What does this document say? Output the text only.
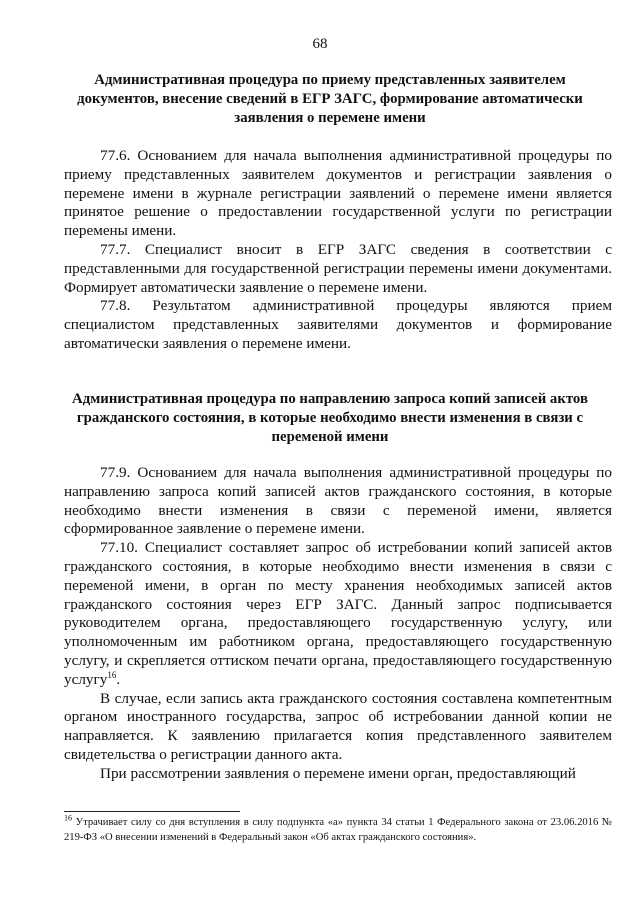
68
Административная процедура по приему представленных заявителем документов, внесение сведений в ЕГР ЗАГС, формирование автоматически заявления о перемене имени

77.6. Основанием для начала выполнения административной процедуры по приему представленных заявителем документов и регистрации заявления о перемене имени в журнале регистрации заявлений о перемене имени является принятое решение о предоставлении государственной услуги по регистрации перемены имени.

77.7. Специалист вносит в ЕГР ЗАГС сведения в соответствии с представленными для государственной регистрации перемены имени документами. Формирует автоматически заявление о перемене имени.

77.8. Результатом административной процедуры являются прием специалистом представленных заявителями документов и формирование автоматически заявления о перемене имени.

Административная процедура по направлению запроса копий записей актов гражданского состояния, в которые необходимо внести изменения в связи с переменой имени

77.9. Основанием для начала выполнения административной процедуры по направлению запроса копий записей актов гражданского состояния, в которые необходимо внести изменения в связи с переменой имени, является сформированное заявление о перемене имени.

77.10. Специалист составляет запрос об истребовании копий записей актов гражданского состояния, в которые необходимо внести изменения в связи с переменой имени, в орган по месту хранения необходимых записей актов гражданского состояния через ЕГР ЗАГС. Данный запрос подписывается руководителем органа, предоставляющего государственную услугу, или уполномоченным им работником органа, предоставляющего государственную услугу, и скрепляется оттиском печати органа, предоставляющего государственную услугу$^{16}$.

В случае, если запись акта гражданского состояния составлена компетентным органом иностранного государства, запрос об истребовании данной копии не направляется. К заявлению прилагается копия представленного заявителем свидетельства о регистрации данного акта.

При рассмотрении заявления о перемене имени орган, предоставляющий

$^{16}$ Утрачивает силу со дня вступления в силу подпункта «а» пункта 34 статьи 1 Федерального закона от 23.06.2016 № 219-ФЗ «О внесении изменений в Федеральный закон «Об актах гражданского состояния».
